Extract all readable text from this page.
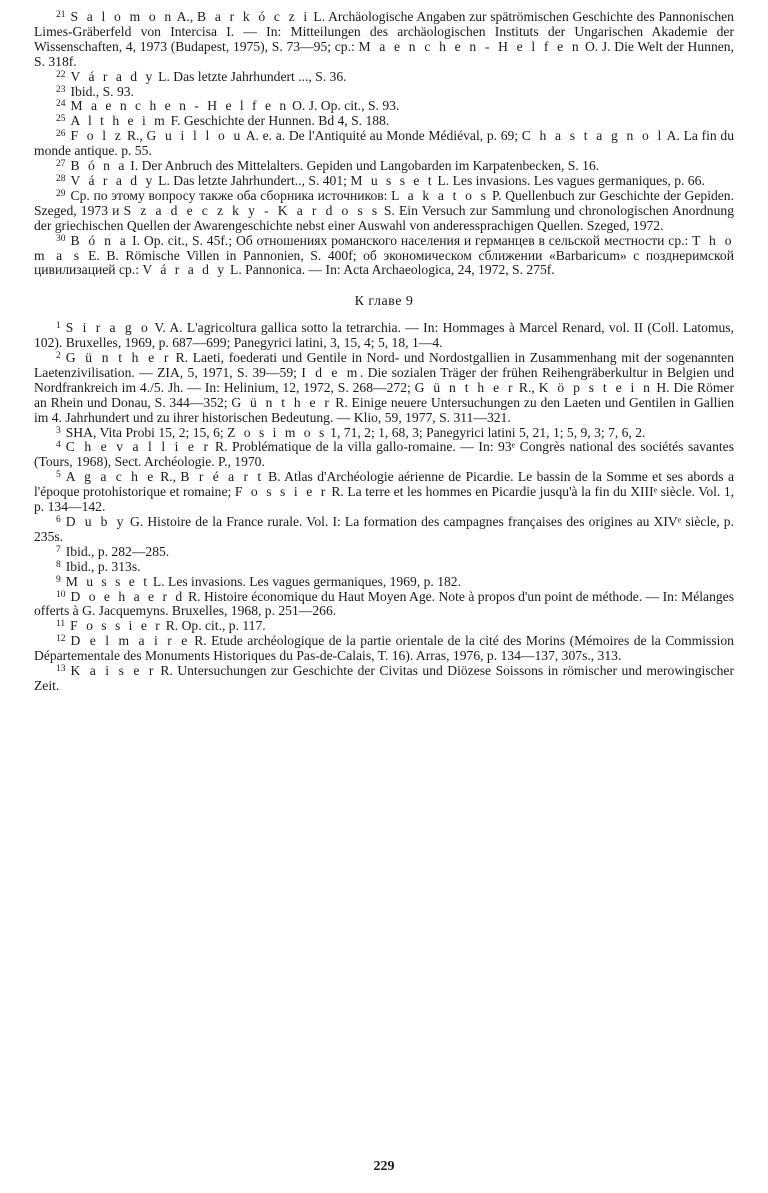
$^{21}$ S a l o m o n A., B a r k ó c z i L. Archäologische Angaben zur spätrömischen Geschichte des Pannonischen Limes-Gräberfeld von Intercisa I. — In: Mitteilungen des archäologischen Instituts der Ungarischen Akademie der Wissenschaften, 4, 1973 (Budapest, 1975), S. 73—95; ср.: M a e n c h e n - H e l f e n O. J. Die Welt der Hunnen, S. 318f.

$^{22}$ V á r a d y L. Das letzte Jahrhundert ..., S. 36.

$^{23}$ Ibid., S. 93.

$^{24}$ M a e n c h e n - H e l f e n O. J. Op. cit., S. 93.

$^{25}$ A l t h e i m F. Geschichte der Hunnen. Bd 4, S. 188.

$^{26}$ F o l z R., G u i l l o u A. e. a. De l'Antiquité au Monde Médiéval, p. 69; C h a s t a g n o l A. La fin du monde antique. p. 55.

$^{27}$ B ó n a I. Der Anbruch des Mittelalters. Gepiden und Langobarden im Karpatenbecken, S. 16.

$^{28}$ V á r a d y L. Das letzte Jahrhundert.., S. 401; M u s s e t L. Les invasions. Les vagues germaniques, p. 66.

$^{29}$ Ср. по этому вопросу также оба сборника источников: L a k a t o s P. Quellenbuch zur Geschichte der Gepiden. Szeged, 1973 и S z a d e c z k y - K a r d o s s S. Ein Versuch zur Sammlung und chronologischen Anordnung der griechischen Quellen der Awarengeschichte nebst einer Auswahl von anderessprachigen Quellen. Szeged, 1972.

$^{30}$ B ó n a I. Op. cit., S. 45f.; Об отношениях романского населения и германцев в сельской местности ср.: T h o m a s E. B. Römische Villen in Pannonien, S. 400f; об экономическом сближении «Barbaricum» с позднеримской цивилизацией ср.: V á r a d y L. Pannonica. — In: Acta Archaeologica, 24, 1972, S. 275f.

К главе 9

$^1$ S i r a g o V. A. L'agricoltura gallica sotto la tetrarchia. — In: Hommages à Marcel Renard, vol. II (Coll. Latomus, 102). Bruxelles, 1969, p. 687—699; Panegyrici latini, 3, 15, 4; 5, 18, 1—4.

$^2$ G ü n t h e r R. Laeti, foederati und Gentile in Nord- und Nordostgallien in Zusammenhang mit der sogenannten Laetenzivilisation. — ZIA, 5, 1971, S. 39—59; I d e m. Die sozialen Träger der frühen Reihengräberkultur in Belgien und Nordfrankreich im 4./5. Jh. — In: Helinium, 12, 1972, S. 268—272; G ü n t h e r R., K ö p s t e i n H. Die Römer an Rhein und Donau, S. 344—352; G ü n t h e r R. Einige neuere Untersuchungen zu den Laeten und Gentilen in Gallien im 4. Jahrhundert und zu ihrer historischen Bedeutung. — Klio, 59, 1977, S. 311—321.

$^3$ SHA, Vita Probi 15, 2; 15, 6; Z o s i m o s 1, 71, 2; 1, 68, 3; Panegyrici latini 5, 21, 1; 5, 9, 3; 7, 6, 2.

$^4$ C h e v a l l i e r R. Problématique de la villa gallo-romaine. — In: 93ᵉ Congrès national des sociétés savantes (Tours, 1968), Sect. Archéologie. P., 1970.

$^5$ A g a c h e R., B r é a r t B. Atlas d'Archéologie aérienne de Picardie. Le bassin de la Somme et ses abords a l'époque protohistorique et romaine; F o s s i e r R. La terre et les hommes en Picardie jusqu'à la fin du XIIIᵉ siècle. Vol. 1, p. 134—142.

$^6$ D u b y G. Histoire de la France rurale. Vol. I: La formation des campagnes françaises des origines au XIVᵉ siècle, p. 235s.

$^7$ Ibid., p. 282—285.

$^8$ Ibid., p. 313s.

$^9$ M u s s e t L. Les invasions. Les vagues germaniques, 1969, p. 182.

$^{10}$ D o e h a e r d R. Histoire économique du Haut Moyen Age. Note à propos d'un point de méthode. — In: Mélanges offerts à G. Jacquemyns. Bruxelles, 1968, p. 251—266.

$^{11}$ F o s s i e r R. Op. cit., p. 117.

$^{12}$ D e l m a i r e R. Etude archéologique de la partie orientale de la cité des Morins (Mémoires de la Commission Départementale des Monuments Historiques du Pas-de-Calais, T. 16). Arras, 1976, p. 134—137, 307s., 313.

$^{13}$ K a i s e r R. Untersuchungen zur Geschichte der Civitas und Diözese Soissons in römischer und merowingischer Zeit.

229
